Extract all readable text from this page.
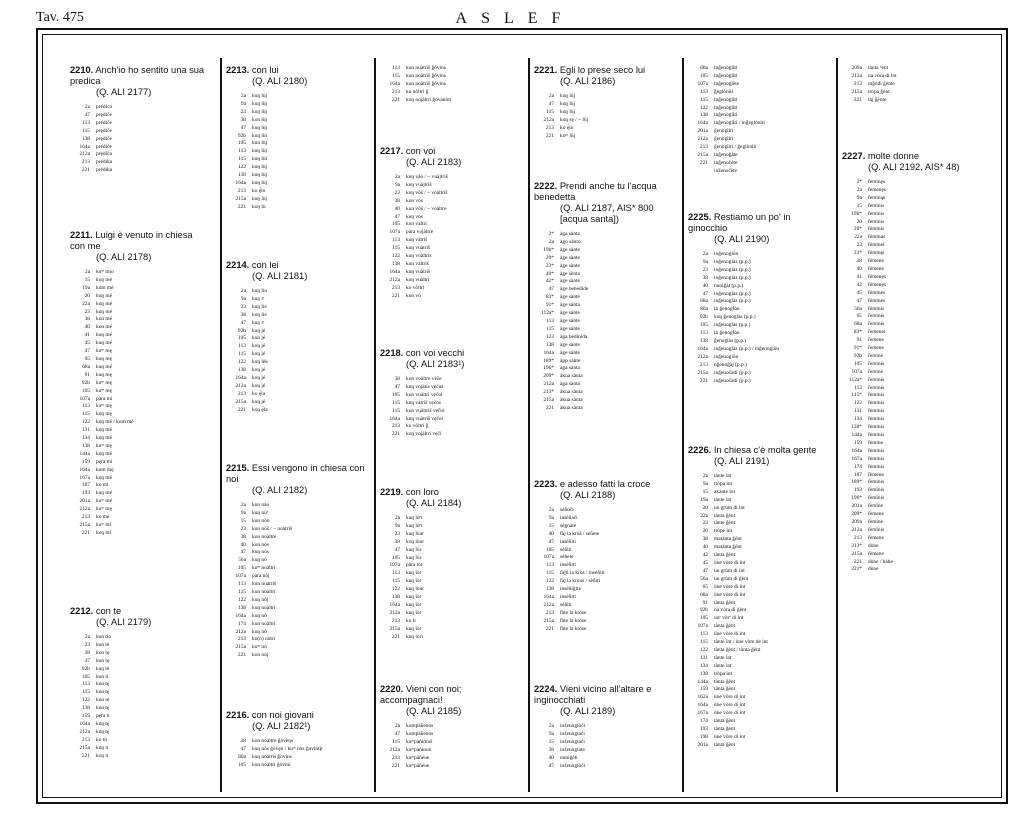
Tav. 475	ASLEF
2210. Anch'io ho sentito una sua predica
(Q. ALI 2177)
2a prédico
47 prędiče
113 prédiče
115 prędiče
138 prędiče
164a prédiče
212a prędiča
213 prédika
221 prédika
2211. Luigi è venuto in chiesa con me
(Q. ALI 2178)
2a kuᵐ mio
15 kuŋ mé
19a kum mé
20 kuŋ mé
22a kuŋ mé
23 kuŋ mé
38 kon mé
40 kon mé
41 kuŋ mé
45 kuŋ mé
47 kuᵐ mę
65 kuŋ mę
68a kuŋ mé
91 kuŋ mę
92b kuᵐ mę
105 kuᵐ mę
107a pàra mi
113 kuᵐ mę
115 kuŋ mę
122 kuŋ mé / kum mé
131 kuŋ mé
134 kuŋ mé
138 kuᵐ mę
144a kuŋ mé
159 pęra mi
164a kum mę
167a kuŋ mé
187 ko mi
193 kuŋ mé
201a kuᵐ mé
212a kuᵐ mę
213 ko mé
215a kuᵐ mi
221 koŋ mi
2212. con te
(Q. ALI 2179)
2a kun tio
23 kun té
38 kon tę
47 kun tę
92b kuŋ té
105 kun ti
113 kun tę
115 kun tę
122 kun té
138 kun tę
159 pęra ti
164a kuŋ tę
212a kuŋ tę
213 ko tú
215a kuŋ ti
221 koŋ ti
2213. con lui
(Q. ALI 2180)
2a kuŋ lùj
9a kuŋ lùj
23 kuŋ lùj
38 kon lùj
47 kuŋ lùj
92b kuŋ lùi
105 kun lùj
113 kuŋ lùj
115 kuŋ lùi
122 kuŋ lùj
138 kuŋ lùj
164a kuŋ lùj
213 ko ę̀lo
215a kuŋ lùj
221 koŋ lù
2214. con lei
(Q. ALI 2181)
2a kuŋ lio
9a kuŋ iᵉ
23 kuŋ lie
38 koŋ lie
47 kuŋ iᵉ
92b kuŋ jé
105 kun jé
113 kuŋ jé
115 kuŋ jé
122 kuŋ lèk
138 kuŋ jé
164a kuŋ jé
212a kuŋ jé
213 ko ę̀la
215a kuŋ jé
221 koŋ ę̀la
2215. Essi vengono in chiesa con noi
(Q. ALI 2182)
2a kun nào
9a kuŋ nùᵉ
15 kun nòn
23 kun nòš / ~ noàtriš
38 kon noàltre
40 kon nòs
47 kuŋ nòs
56a kuŋ nò
105 kuᵐ noàltri
107a pàra nòj
113 kun nuàtriš
115 kun noàltri
122 kuŋ nòj
138 kuŋ noàltri
164a kuŋ nò
174 kun noàltri
212a kuŋ nò
213 ko(n) nòtri
215a kuᵐ nò
221 kon nòj
2216. con noi giovani
(Q. ALI 2182¹)
38 kon noàltre ǧòveŋs
47 kuŋ nòs ǧòvęn / kuᵐ nòs ǧuvìntįt
80a kuŋ noàtris ǧòvins
105 kun noàltri ǧòvini
113 kun nuàtriš ǧòvins
115 kun noàtriš ǧòvins
164a kun noàtriš ǧòvins
213 ko nòltri ǧ
221 koŋ nojàltri ǧovanòti
2217. con voi
(Q. ALI 2183)
2a kuŋ vào / ~ vuàjtriš
9a kuŋ vuàjtriš
23 kuŋ vòš / ~ voàltriš
38 kon vòs
40 kun vòš / ~ voàltre
47 kuŋ vòs
105 kun vàltri
107a pàra vojàltre
113 kuŋ vàtriš
115 kuŋ vuàtriš
122 kuŋ voàltris
138 kun vàltriš
164a kuŋ vuàtriš
212a kuŋ vuàltri
213 ko vòltri
221 kon vù
2218. con voi vecchi
(Q. ALI 2183¹)
38 kon voàltre vèče
47 kuŋ vojàtis vèčus
105 kun vuàltri vẹčoi
115 kuŋ vàtriš vẹčos
115 kun vųàltriš vẹčoi
164a kuŋ vuàtriš vẹčoi
213 ko vòltri ǧ
221 koŋ vojàltri vẹči
2219. con loro
(Q. ALI 2184)
2a kuŋ lùᵉr
9a kuŋ lùᵉr
23 kuŋ lùər
38 koŋ lòur
47 kuŋ lòr
105 kuŋ lòr
107a pàra lòr
113 kuŋ lòr
115 kuŋ lòr
122 kuŋ lòur
138 kuŋ lòr
164a kuŋ lòr
212a kuŋ lòr
213 ko lì
215a kuŋ lòr
221 koŋ lòri
2220. Vieni con noi; accompagnaci!
(Q. ALI 2185)
2a kompàñenos
47 kompàñenos
115 kuᵐpàñimuš
212a kuᵐpàñinuš
213 kuᵐpàñene
221 kuᵐpàñene
2221. Egli lo prese seco lui
(Q. ALI 2186)
2a kuŋ lùj
47 kuŋ lùj
115 kuŋ lùj
212a kuŋ sę / ~ lùj
213 ko ę̀lo
221 koᵐ lùj
2222. Prendi anche tu l'acqua benedetta
(Q. ALI 2187, AIS* 800 [acqua santa])
2* àga sànta
2a àgo sànto
19b* àge sànte
20* àge sànte
23* àge sànte
40* àge sènta
42* àge sànte
47 àge benedìde
83* àge sànte
91* àge sànta
112a* àge sànte
113 àge sànte
115 àge sànte
122 àga bèdinìda
138 àge sànte
164a àge sànte
189* àpp sànte
196* àga sànta
209* àkua sànta
212a àga sànta
213* àkua sànta
215a àkua sànta
221 àkua sànta
2223. e adesso fatti la croce
(Q. ALI 2188)
2a séñoči
9a inséñači
15 ségnate
40 fàj la kròš / sèñete
47 inséñiti
105 séñiti
107a séñete
113 inséñiti
115 fàjti la kròs / inséñiti
122 fàj la kròus / sèñiti
138 inséñiǧite
164a inséñiti
212a séñiti
213 fàte la kròse
215a fàte la kròse
221 fàte la kròse
2224. Vieni vicino all'altare e inginocchiati
(Q. ALI 2189)
2a inženòglòči
9a inženòglači
15 inženòglači
38 inženòglate
40 nuniǧèti
47 inženòglòči
68a inǧenòglìti
105 inǧenòglìti
107a inǧenoglète
113 ǧeglònìti
115 inǧenòglìti
122 inǧenòglìti
138 inǧenòglìti
164a inǧenòglìti / inǧeglònìti
201a ǧenòglìti
212a ǧenòglìti
213 ǧenòglìti / ǧeglònìti
215a inǧenoǧàte
221 inǧenočète
inženočète
2225. Restiamo un po' in ginocchio
(Q. ALI 2190)
2a inǧenoglòn
9a inǧenoglàz (p.p.)
23 inǧenoglàz (p.p.)
38 inǧenoglàz (p.p.)
40 nuniǧàt (p.p.)
47 inǧenoglàz (p.p.)
68a inǧenoglàz (p.p.)
80a in ǧenoglòn
92b kuŋ ǧenoglàs (p.p.)
105 inǧenoglàs (p.p.)
113 in ǧenoglòn
138 ǧenoglàs (p.p.)
164a inǧenoglàz (p.p.) / inǧenoglòn
212a inǧenoglòn
213 nǧenoǧàj (p.p.)
215a inǧenočàdi (p.p.)
221 inǧenočàdi (p.p.)
2226. In chiesa c'è molta gente
(Q. ALI 2191)
2a tànte ìnt
9a tròpa ìnt
15 akànte ìnt
19a tànte ìnt
20 un grùm di ìnt
22a tànta ǧènt
23 tànte ǧènt
26 tròpe ìnt
38 matànta ǧènt
40 matànta ǧènt
42 tànta ǧènt
45 ùne vòre di ìnt
47 un grùm di ìnt
56a un grùm di ǧènt
65 ùne vòre di ìnt
68a ùne vòre di ìnt
91 tànta ǧènt
92b na vòra di ǧènt
105 unᵉ vòrᵉ di ìnt
107a tànta ǧènt
113 ùne vòre di ìnt
115 tànte ìnt / ùne vòre de ìnt
122 tànta ǧènt / tànta ǧènt
131 tànte ìnt
134 tànte ìnt
138 tròpa ìnt
144a tànta ǧènt
159 tànta ǧènt
162a ùne vòre di ìnt
164a ùne vòre di ìnt
167a ùne vòre di ìnt
174 tànta ǧènt
193 tànta ǧènt
198 ùne vòre di ìnt
201a tànta ǧènt
209a tànta ᵈènt
212a na vòra di ìnt
213 mǧndi ǧènte
215a tròpa ǧènt
221 tàj ǧènte
2227. molte donne
(Q. ALI 2192, AIS* 48)
2* fèminęs
2a fèmenęs
9a fèminąs
15 fèminis
19b* fèminis
20 fèminis
20* fèminis
22a fèminas
23 fèminel
23* fèminęi
38 fèmene
40 fèmene
41 fèmenęs
42 fèmenęs
45 fèmines
47 fèmines
56a fèminis
65 fèminis
68a fèminis
83* fèmenei
91 fèmene
91* fèmene
92b fèmine
105 fèminis
107a fèmine
112a* fèminis
113 fèminis
115* fèminis
122 fèminis
131 fèminis
134 fèminis
138* fèminis
144a fèminis
159 fèmine
164a fèminis
167a fèminis
174 fèminis
187 fèmene
189* fèminis
193 fèminis
196* fèminis
201a fèmine
209* fèmene
209a fèmine
212a fèminis
213 fèmene
213* dòne
215a fèmene
221 dòne / bàbe
221* dòne
